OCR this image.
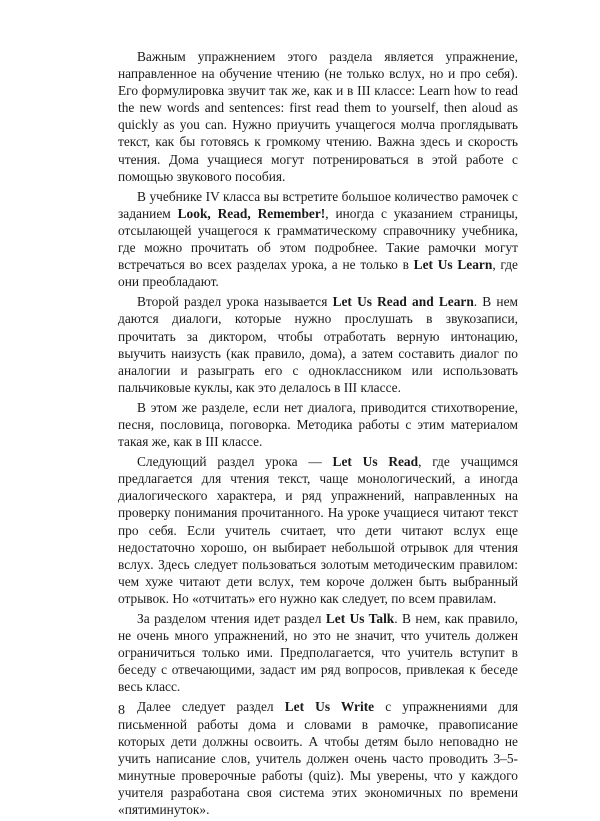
Важным упражнением этого раздела является упражнение, направленное на обучение чтению (не только вслух, но и про себя). Его формулировка звучит так же, как и в III классе: Learn how to read the new words and sentences: first read them to yourself, then aloud as quickly as you can. Нужно приучить учащегося молча проглядывать текст, как бы готовясь к громкому чтению. Важна здесь и скорость чтения. Дома учащиеся могут потренироваться в этой работе с помощью звукового пособия.

В учебнике IV класса вы встретите большое количество рамочек с заданием Look, Read, Remember!, иногда с указанием страницы, отсылающей учащегося к грамматическому справочнику учебника, где можно прочитать об этом подробнее. Такие рамочки могут встречаться во всех разделах урока, а не только в Let Us Learn, где они преобладают.

Второй раздел урока называется Let Us Read and Learn. В нем даются диалоги, которые нужно прослушать в звукозаписи, прочитать за диктором, чтобы отработать верную интонацию, выучить наизусть (как правило, дома), а затем составить диалог по аналогии и разыграть его с одноклассником или использовать пальчиковые куклы, как это делалось в III классе.

В этом же разделе, если нет диалога, приводится стихотворение, песня, пословица, поговорка. Методика работы с этим материалом такая же, как в III классе.

Следующий раздел урока — Let Us Read, где учащимся предлагается для чтения текст, чаще монологический, а иногда диалогического характера, и ряд упражнений, направленных на проверку понимания прочитанного. На уроке учащиеся читают текст про себя. Если учитель считает, что дети читают вслух еще недостаточно хорошо, он выбирает небольшой отрывок для чтения вслух. Здесь следует пользоваться золотым методическим правилом: чем хуже читают дети вслух, тем короче должен быть выбранный отрывок. Но «отчитать» его нужно как следует, по всем правилам.

За разделом чтения идет раздел Let Us Talk. В нем, как правило, не очень много упражнений, но это не значит, что учитель должен ограничиться только ими. Предполагается, что учитель вступит в беседу с отвечающими, задаст им ряд вопросов, привлекая к беседе весь класс.

Далее следует раздел Let Us Write с упражнениями для письменной работы дома и словами в рамочке, правописание которых дети должны освоить. А чтобы детям было неповадно не учить написание слов, учитель должен очень часто проводить 3–5-минутные проверочные работы (quiz). Мы уверены, что у каждого учителя разработана своя система этих экономичных по времени «пятиминуток».

8
